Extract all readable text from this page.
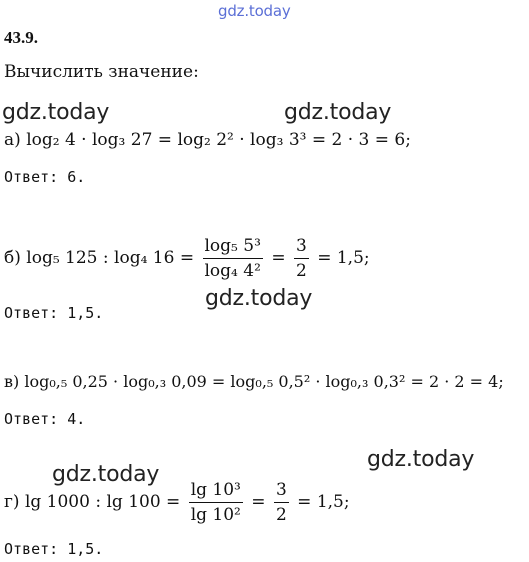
gdz.today
gdz.today	gdz.today
gdz.today
gdz.today
gdz.today
43.9.
Вычислить значение:
а) log₂ 4 · log₃ 27 = log₂ 2² · log₃ 3³ = 2 · 3 = 6;
Ответ: 6.
б) log₅ 125 : log₄ $16 = \frac{\text{log₅ 5³}}{\text{log₄ 4²}} = \frac{3}{2} = 1,5$;
Ответ: 1,5.
в) log₀,₅ 0,25 · log₀,₃ 0,09 = log₀,₅ 0,5² · log₀,₃ 0,3² = 2 · 2 = 4;
Ответ: 4.
г) lg 1000 : $\lg 100 = \frac{\text{lg 10³}}{\text{lg 10²}} = \frac{3}{2} = 1,5$;
Ответ: 1,5.
